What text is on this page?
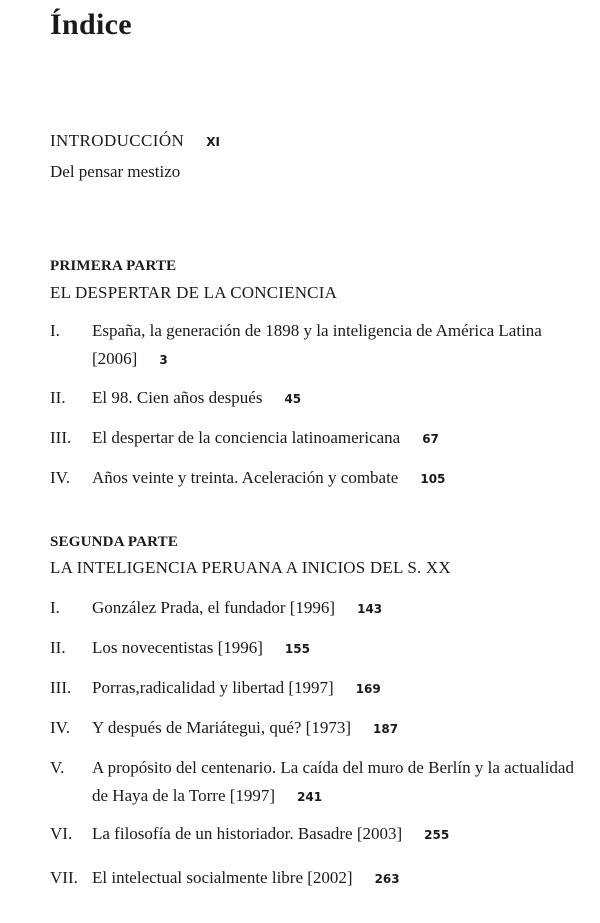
Índice
INTRODUCCIÓN XI
Del pensar mestizo
PRIMERA PARTE
EL DESPERTAR DE LA CONCIENCIA
I. España, la generación de 1898 y la inteligencia de América Latina [2006] 3
II. El 98. Cien años después 45
III. El despertar de la conciencia latinoamericana 67
IV. Años veinte y treinta. Aceleración y combate 105
SEGUNDA PARTE
LA INTELIGENCIA PERUANA A INICIOS DEL S. XX
I. González Prada, el fundador [1996] 143
II. Los novecentistas [1996] 155
III. Porras,radicalidad y libertad [1997] 169
IV. Y después de Mariátegui, qué? [1973] 187
V. A propósito del centenario. La caída del muro de Berlín y la actualidad de Haya de la Torre [1997] 241
VI. La filosofía de un historiador. Basadre [2003] 255
VII. El intelectual socialmente libre [2002] 263
